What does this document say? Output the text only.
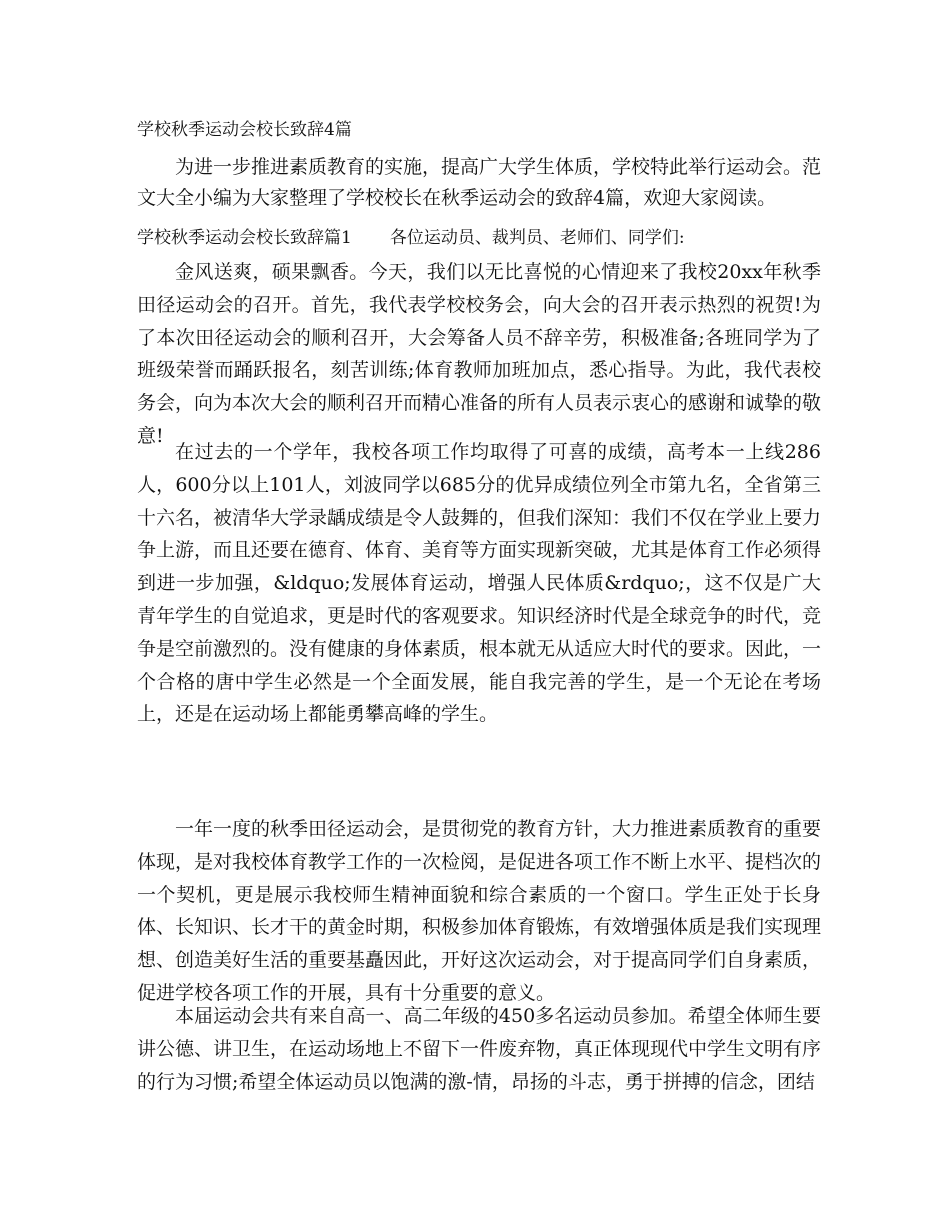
学校秋季运动会校长致辞4篇

为进一步推进素质教育的实施，提高广大学生体质，学校特此举行运动会。范文大全小编为大家整理了学校校长在秋季运动会的致辞4篇，欢迎大家阅读。

学校秋季运动会校长致辞篇1 各位运动员、裁判员、老师们、同学们:

金风送爽，硕果飘香。今天，我们以无比喜悦的心情迎来了我校20xx年秋季田径运动会的召开。首先，我代表学校校务会，向大会的召开表示热烈的祝贺!为了本次田径运动会的顺利召开，大会筹备人员不辞辛劳，积极准备;各班同学为了班级荣誉而踊跃报名，刻苦训练;体育教师加班加点，悉心指导。为此，我代表校务会，向为本次大会的顺利召开而精心准备的所有人员表示衷心的感谢和诚挚的敬意!

在过去的一个学年，我校各项工作均取得了可喜的成绩，高考本一上线286人，600分以上101人，刘波同学以685分的优异成绩位列全市第九名，全省第三十六名，被清华大学录龋成绩是令人鼓舞的，但我们深知：我们不仅在学业上要力争上游，而且还要在德育、体育、美育等方面实现新突破，尤其是体育工作必须得到进一步加强，&ldquo;发展体育运动，增强人民体质&rdquo;，这不仅是广大青年学生的自觉追求，更是时代的客观要求。知识经济时代是全球竞争的时代，竞争是空前激烈的。没有健康的身体素质，根本就无从适应大时代的要求。因此，一个合格的唐中学生必然是一个全面发展，能自我完善的学生，是一个无论在考场上，还是在运动场上都能勇攀高峰的学生。

一年一度的秋季田径运动会，是贯彻党的教育方针，大力推进素质教育的重要体现，是对我校体育教学工作的一次检阅，是促进各项工作不断上水平、提档次的一个契机，更是展示我校师生精神面貌和综合素质的一个窗口。学生正处于长身体、长知识、长才干的黄金时期，积极参加体育锻炼，有效增强体质是我们实现理想、创造美好生活的重要基矗因此，开好这次运动会，对于提高同学们自身素质，促进学校各项工作的开展，具有十分重要的意义。

本届运动会共有来自高一、高二年级的450多名运动员参加。希望全体师生要讲公德、讲卫生，在运动场地上不留下一件废弃物，真正体现现代中学生文明有序的行为习惯;希望全体运动员以饱满的激-情，昂扬的斗志，勇于拼搏的信念，团结
